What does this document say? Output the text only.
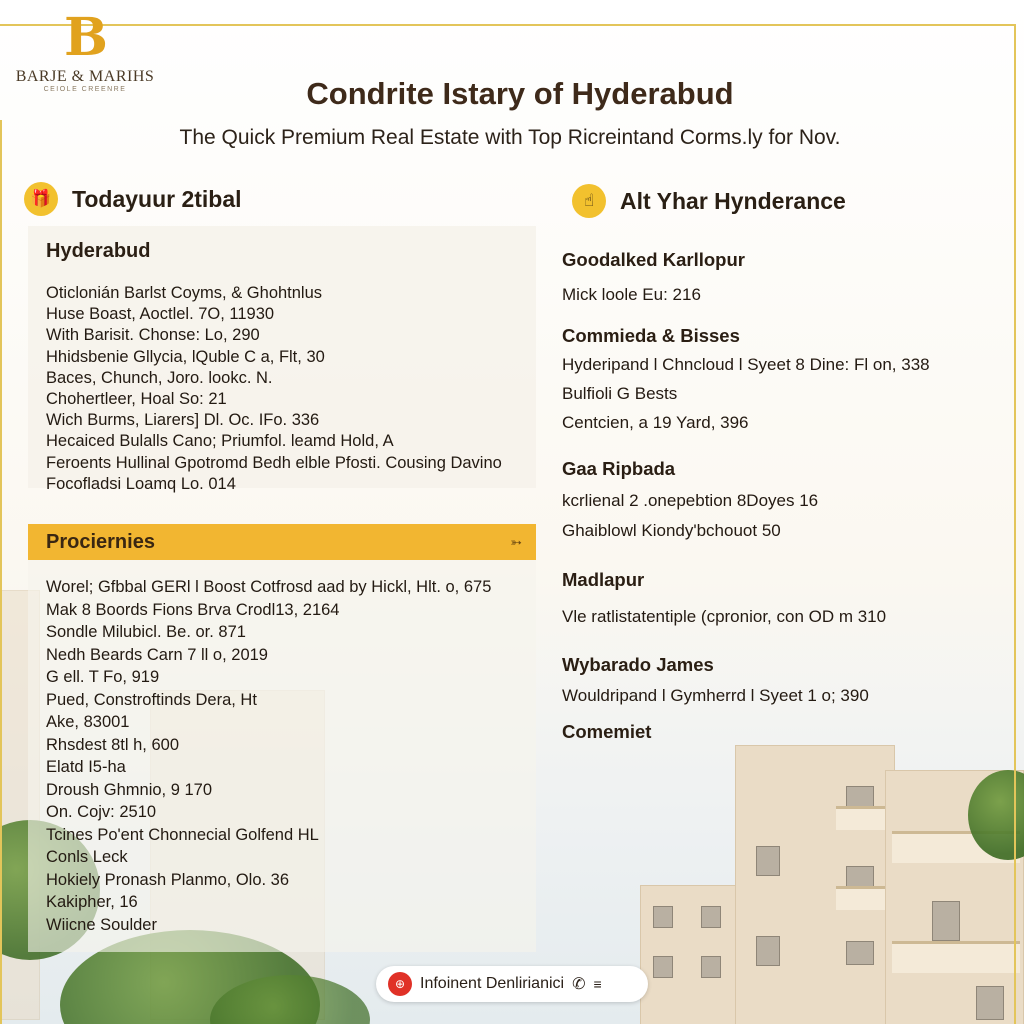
B
BARJE & MARIHS
CEIOLE CREENRE	Condrite Istary of Hyderabud
The Quick Premium Real Estate with Top Ricreintand Corms.ly for Nov.
🎁 Todayuur 2tibal
Hyderabud
Oticlonián Barlst Coyms, & Ghohtnlus
Huse Boast, Aoctlel. 7O, 11930
With Barisit. Chonse: Lo, 290
Hhidsbenie Gllycia, lQuble C a, Flt, 30
Baces, Chunch, Joro. lookc. N.
Chohertleer, Hoal So: 21
Wich Burms, Liarers] Dl. Oc. IFo. 336
Hecaiced Bulalls Cano; Priumfol. leamd Hold, A
Feroents Hullinal Gpotromd Bedh elble Pfosti. Cousing Davino
Focofladsi Loamq Lo. 014
Prociernies	➳
Worel; Gfbbal GERl l Boost Cotfrosd aad by Hickl, Hlt. o, 675
Mak 8 Boords Fions Brva Crodl13, 2164
Sondle Milubicl. Be. or. 871
Nedh Beards Carn 7 ll o, 2019
G ell. T Fo, 919
Pued, Constroftinds Dera, Ht
Ake, 83001
Rhsdest 8tl h, 600
Elatd I5-ha
Droush Ghmnio, 9 170
On. Cojv: 2510
Tcines Po'ent Chonnecial Golfend HL
Conls Leck
Hokiely Pronash Planmo, Olo. 36
Kakipher, 16
Wiicne Soulder
☝	Alt Yhar Hynderance
Goodalked Karllopur
Mick loole Eu: 216
Commieda & Bisses
Hyderipand l Chncloud l Syeet 8 Dine: Fl on, 338
Bulfioli G Bests
Centcien, a 19 Yard, 396
Gaa Ripbada
kcrlienal 2 .onepebtion 8Doyes 16
Ghaiblowl Kiondy'bchouot 50
Madlapur
Vle ratlistatentiple (cpronior, con OD m 310
Wybarado James
Wouldripand l Gymherrd l Syeet 1 o; 390
Comemiet
⊕ Infoinent Denlirianici ✆ ≡
